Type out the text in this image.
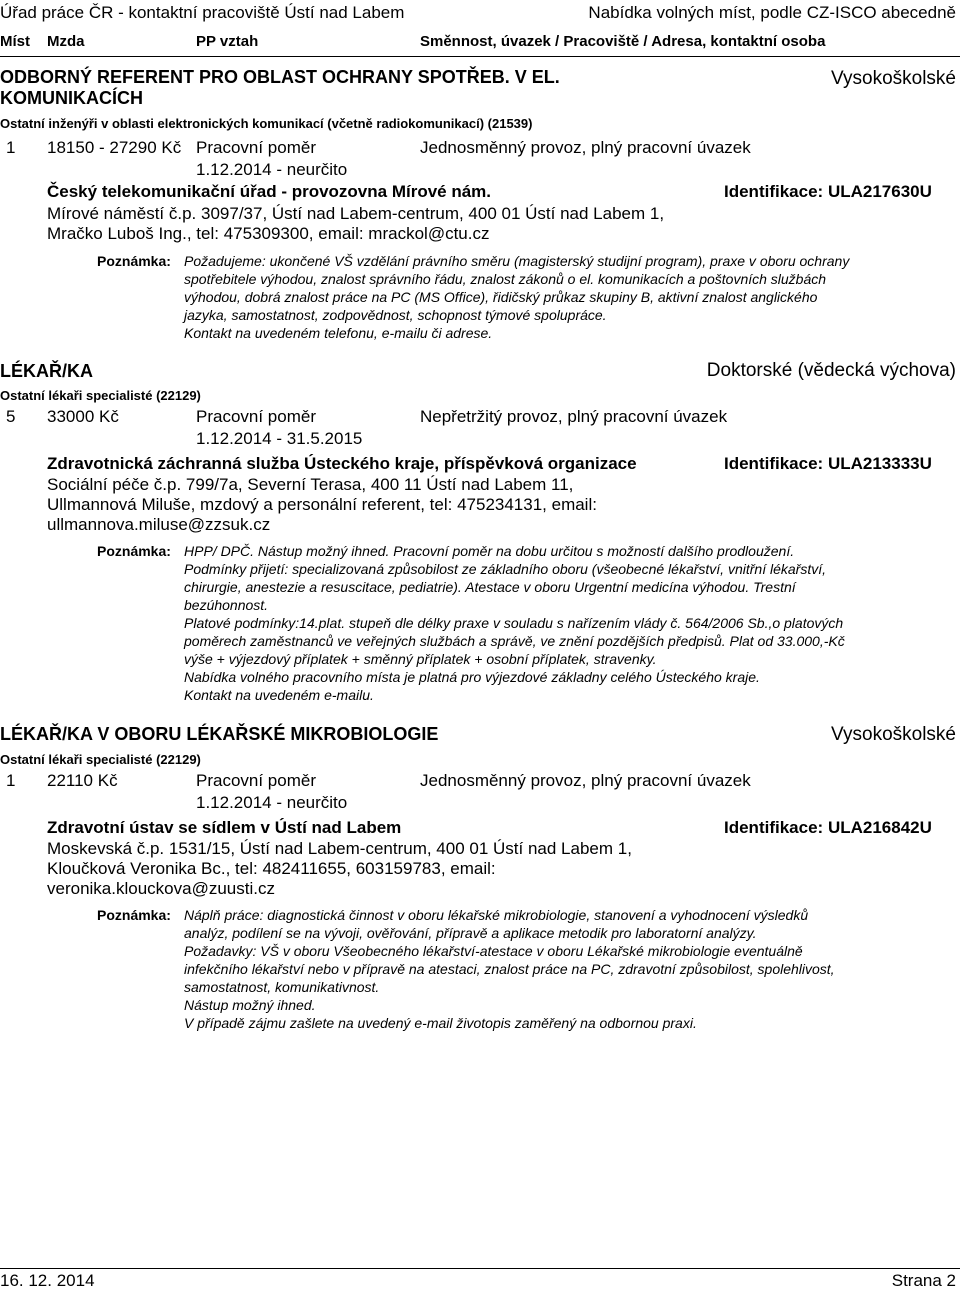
Úřad práce ČR - kontaktní pracoviště Ústí nad Labem	Nabídka volných míst, podle CZ-ISCO abecedně
Míst Mzda	PP vztah	Směnnost, úvazek / Pracoviště / Adresa, kontaktní osoba
ODBORNÝ REFERENT PRO OBLAST OCHRANY SPOTŘEB. V EL.
KOMUNIKACÍCH
Vysokoškolské
Ostatní inženýři v oblasti elektronických komunikací (včetně radiokomunikací) (21539)
1 18150 - 27290 Kč Pracovní poměr	Jednosměnný provoz, plný pracovní úvazek
1.12.2014 - neurčito
Český telekomunikační úřad - provozovna Mírové nám.	Identifikace: ULA217630U
Mírové náměstí č.p. 3097/37, Ústí nad Labem-centrum, 400 01 Ústí nad Labem 1,
Mračko Luboš Ing., tel: 475309300, email: mrackol@ctu.cz
Poznámka: Požadujeme: ukončené VŠ vzdělání právního směru (magisterský studijní program), praxe v oboru ochrany

spotřebitele výhodou, znalost správního řádu, znalost zákonů o el. komunikacích a poštovních službách

výhodou, dobrá znalost práce na PC (MS Office), řidičský průkaz skupiny B, aktivní znalost anglického

jazyka, samostatnost, zodpovědnost, schopnost týmové spolupráce.

Kontakt na uvedeném telefonu, e-mailu či adrese.

LÉKAŘ/KA	Doktorské (vědecká výchova)
Ostatní lékaři specialisté (22129)
5 33000 Kč	Pracovní poměr	Nepřetržitý provoz, plný pracovní úvazek
1.12.2014 - 31.5.2015
Zdravotnická záchranná služba Ústeckého kraje, příspěvková organizace	Identifikace: ULA213333U
Sociální péče č.p. 799/7a, Severní Terasa, 400 11 Ústí nad Labem 11,
Ullmannová Miluše, mzdový a personální referent, tel: 475234131, email:
ullmannova.miluse@zzsuk.cz
Poznámka: HPP/ DPČ. Nástup možný ihned. Pracovní poměr na dobu určitou s možností dalšího prodloužení.

Podmínky přijetí: specializovaná způsobilost ze základního oboru (všeobecné lékařství, vnitřní lékařství,

chirurgie, anestezie a resuscitace, pediatrie). Atestace v oboru Urgentní medicína výhodou. Trestní

bezúhonnost.

Platové podmínky:14.plat. stupeň dle délky praxe v souladu s nařízením vlády č. 564/2006 Sb.,o platových

poměrech zaměstnanců ve veřejných službách a správě, ve znění pozdějších předpisů. Plat od 33.000,-Kč

výše + výjezdový příplatek + směnný příplatek + osobní příplatek, stravenky.

Nabídka volného pracovního místa je platná pro výjezdové základny celého Ústeckého kraje.

Kontakt na uvedeném e-mailu.

LÉKAŘ/KA V OBORU LÉKAŘSKÉ MIKROBIOLOGIE	Vysokoškolské
Ostatní lékaři specialisté (22129)
1 22110 Kč	Pracovní poměr	Jednosměnný provoz, plný pracovní úvazek
1.12.2014 - neurčito
Zdravotní ústav se sídlem v Ústí nad Labem	Identifikace: ULA216842U
Moskevská č.p. 1531/15, Ústí nad Labem-centrum, 400 01 Ústí nad Labem 1,
Kloučková Veronika Bc., tel: 482411655, 603159783, email:
veronika.klouckova@zuusti.cz
Poznámka: Náplň práce: diagnostická činnost v oboru lékařské mikrobiologie, stanovení a vyhodnocení výsledků

analýz, podílení se na vývoji, ověřování, přípravě a aplikace metodik pro laboratorní analýzy.

Požadavky: VŠ v oboru Všeobecného lékařství-atestace v oboru Lékařské mikrobiologie eventuálně

infekčního lékařství nebo v přípravě na atestaci, znalost práce na PC, zdravotní způsobilost, spolehlivost,

samostatnost, komunikativnost.

Nástup možný ihned.

V případě zájmu zašlete na uvedený e-mail životopis zaměřený na odbornou praxi.

16. 12. 2014	Strana 2
